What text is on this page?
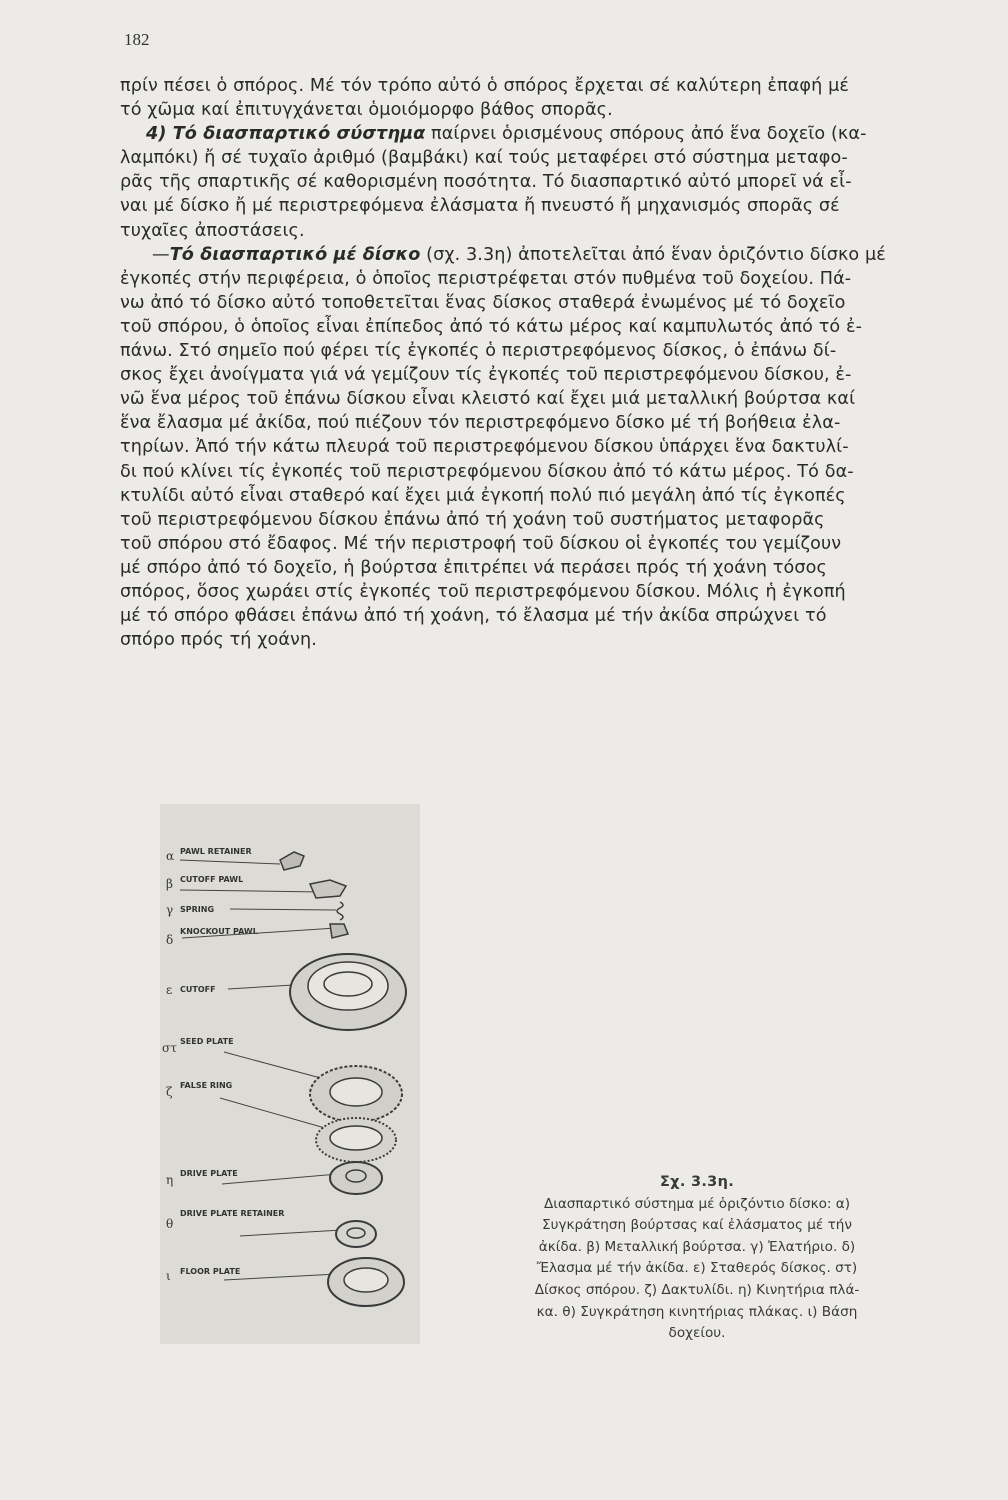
182
πρίν πέσει ὁ σπόρος. Μέ τόν τρόπο αὐτό ὁ σπόρος ἔρχεται σέ καλύτερη ἐπαφή μέ
τό χῶμα καί ἐπιτυγχάνεται ὁμοιόμορφο βάθος σπορᾶς.
4) Τό διασπαρτικό σύστημα παίρνει ὁρισμένους σπόρους ἀπό ἕνα δοχεῖο (κα-
λαμπόκι) ἤ σέ τυχαῖο ἀριθμό (βαμβάκι) καί τούς μεταφέρει στό σύστημα μεταφο-
ρᾶς τῆς σπαρτικῆς σέ καθορισμένη ποσότητα. Τό διασπαρτικό αὐτό μπορεῖ νά εἶ-
ναι μέ δίσκο ἤ μέ περιστρεφόμενα ἐλάσματα ἤ πνευστό ἤ μηχανισμός σπορᾶς σέ
τυχαῖες ἀποστάσεις.
—Τό διασπαρτικό μέ δίσκο (σχ. 3.3η) ἀποτελεῖται ἀπό ἕναν ὁριζόντιο δίσκο μέ
ἐγκοπές στήν περιφέρεια, ὁ ὁποῖος περιστρέφεται στόν πυθμένα τοῦ δοχείου. Πά-
νω ἀπό τό δίσκο αὐτό τοποθετεῖται ἕνας δίσκος σταθερά ἐνωμένος μέ τό δοχεῖο
τοῦ σπόρου, ὁ ὁποῖος εἶναι ἐπίπεδος ἀπό τό κάτω μέρος καί καμπυλωτός ἀπό τό ἐ-
πάνω. Στό σημεῖο πού φέρει τίς ἐγκοπές ὁ περιστρεφόμενος δίσκος, ὁ ἐπάνω δί-
σκος ἔχει ἀνοίγματα γιά νά γεμίζουν τίς ἐγκοπές τοῦ περιστρεφόμενου δίσκου, ἐ-
νῶ ἕνα μέρος τοῦ ἐπάνω δίσκου εἶναι κλειστό καί ἔχει μιά μεταλλική βούρτσα καί
ἕνα ἔλασμα μέ ἀκίδα, πού πιέζουν τόν περιστρεφόμενο δίσκο μέ τή βοήθεια ἐλα-
τηρίων. Ἀπό τήν κάτω πλευρά τοῦ περιστρεφόμενου δίσκου ὑπάρχει ἕνα δακτυλί-
δι πού κλίνει τίς ἐγκοπές τοῦ περιστρεφόμενου δίσκου ἀπό τό κάτω μέρος. Τό δα-
κτυλίδι αὐτό εἶναι σταθερό καί ἔχει μιά ἐγκοπή πολύ πιό μεγάλη ἀπό τίς ἐγκοπές
τοῦ περιστρεφόμενου δίσκου ἐπάνω ἀπό τή χοάνη τοῦ συστήματος μεταφορᾶς
τοῦ σπόρου στό ἔδαφος. Μέ τήν περιστροφή τοῦ δίσκου οἱ ἐγκοπές του γεμίζουν
μέ σπόρο ἀπό τό δοχεῖο, ἡ βούρτσα ἐπιτρέπει νά περάσει πρός τή χοάνη τόσος
σπόρος, ὅσος χωράει στίς ἐγκοπές τοῦ περιστρεφόμενου δίσκου. Μόλις ἡ ἐγκοπή
μέ τό σπόρο φθάσει ἐπάνω ἀπό τή χοάνη, τό ἔλασμα μέ τήν ἀκίδα σπρώχνει τό
σπόρο πρός τή χοάνη.
α PAWL RETAINER
β CUTOFF PAWL
γ SPRING
δ
KNOCKOUT PAWL
ε CUTOFF
στ SEED PLATE
ζ FALSE RING
η DRIVE PLATE
θ
DRIVE PLATE RETAINER
ι FLOOR PLATE
Σχ. 3.3η.
Διασπαρτικό σύστημα μέ ὁριζόντιο δίσκο: α)
Συγκράτηση βούρτσας καί ἐλάσματος μέ τήν
ἀκίδα. β) Μεταλλική βούρτσα. γ) Ἐλατήριο. δ)
Ἔλασμα μέ τήν ἀκίδα. ε) Σταθερός δίσκος. στ)
Δίσκος σπόρου. ζ) Δακτυλίδι. η) Κινητήρια πλά-
κα. θ) Συγκράτηση κινητήριας πλάκας. ι) Βάση
δοχείου.
